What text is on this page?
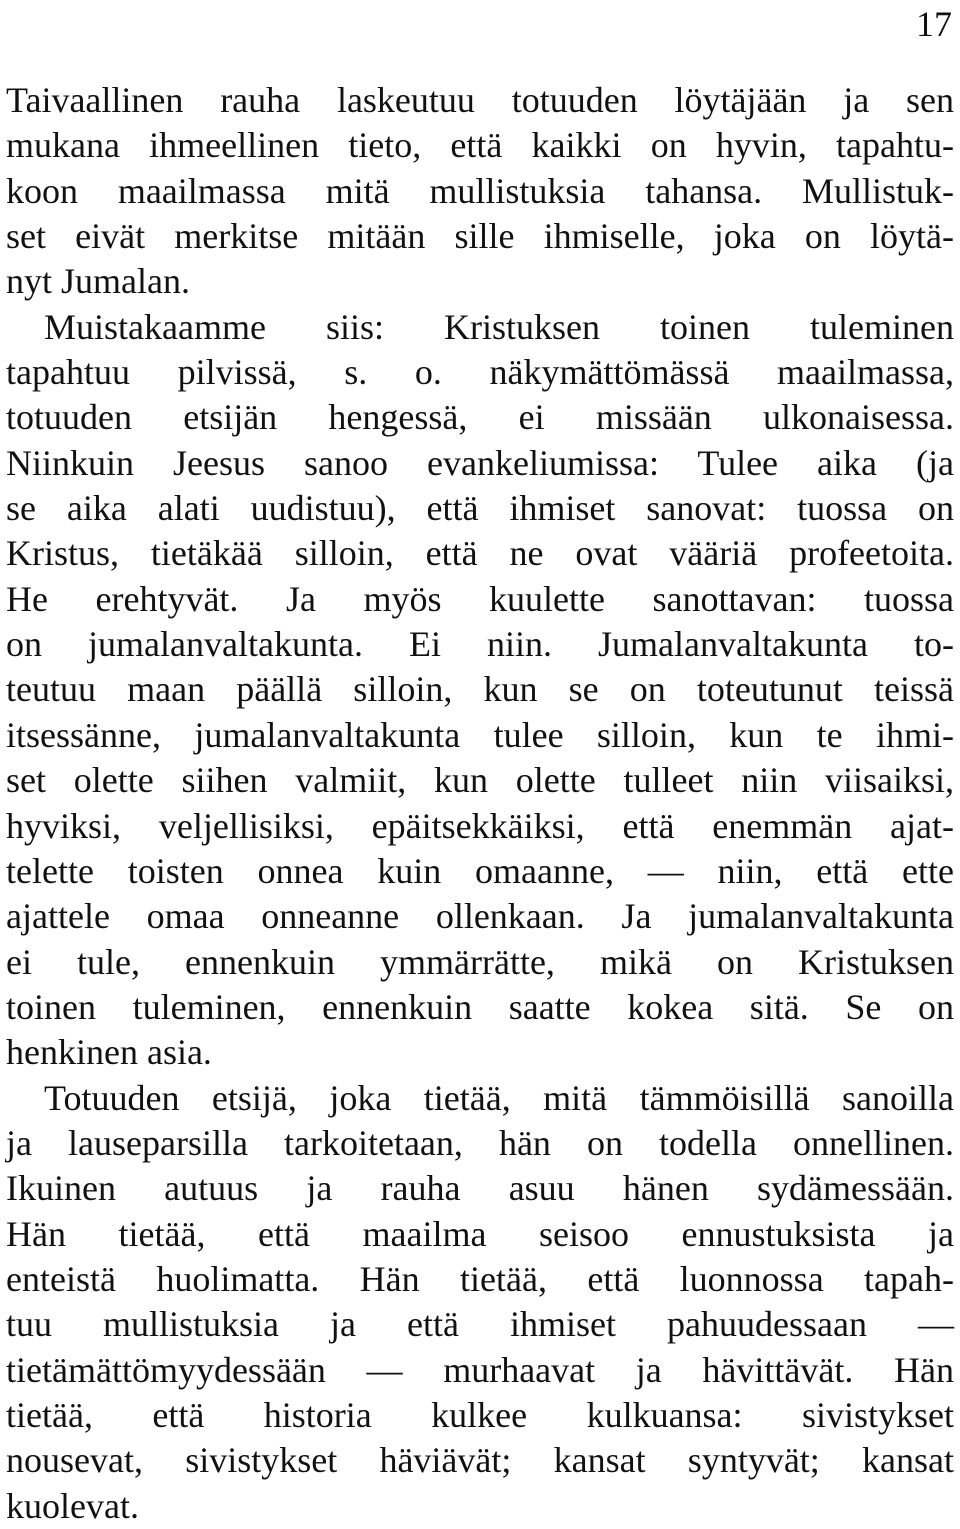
17
Taivaallinen rauha laskeutuu totuuden löytäjään ja sen
mukana ihmeellinen tieto, että kaikki on hyvin, tapahtu-
koon maailmassa mitä mullistuksia tahansa. Mullistuk-
set eivät merkitse mitään sille ihmiselle, joka on löytä-
nyt Jumalan.
Muistakaamme siis: Kristuksen toinen tuleminen
tapahtuu pilvissä, s. o. näkymättömässä maailmassa,
totuuden etsijän hengessä, ei missään ulkonaisessa.
Niinkuin Jeesus sanoo evankeliumissa: Tulee aika (ja
se aika alati uudistuu), että ihmiset sanovat: tuossa on
Kristus, tietäkää silloin, että ne ovat vääriä profeetoita.
He erehtyvät. Ja myös kuulette sanottavan: tuossa
on jumalanvaltakunta. Ei niin. Jumalanvaltakunta to-
teutuu maan päällä silloin, kun se on toteutunut teissä
itsessänne, jumalanvaltakunta tulee silloin, kun te ihmi-
set olette siihen valmiit, kun olette tulleet niin viisaiksi,
hyviksi, veljellisiksi, epäitsekkäiksi, että enemmän ajat-
telette toisten onnea kuin omaanne, — niin, että ette
ajattele omaa onneanne ollenkaan. Ja jumalanvaltakunta
ei tule, ennenkuin ymmärrätte, mikä on Kristuksen
toinen tuleminen, ennenkuin saatte kokea sitä. Se on
henkinen asia.
Totuuden etsijä, joka tietää, mitä tämmöisillä sanoilla
ja lauseparsilla tarkoitetaan, hän on todella onnellinen.
Ikuinen autuus ja rauha asuu hänen sydämessään.
Hän tietää, että maailma seisoo ennustuksista ja
enteistä huolimatta. Hän tietää, että luonnossa tapah-
tuu mullistuksia ja että ihmiset pahuudessaan —
tietämättömyydessään — murhaavat ja hävittävät. Hän
tietää, että historia kulkee kulkuansa: sivistykset
nousevat, sivistykset häviävät; kansat syntyvät; kansat
kuolevat.
